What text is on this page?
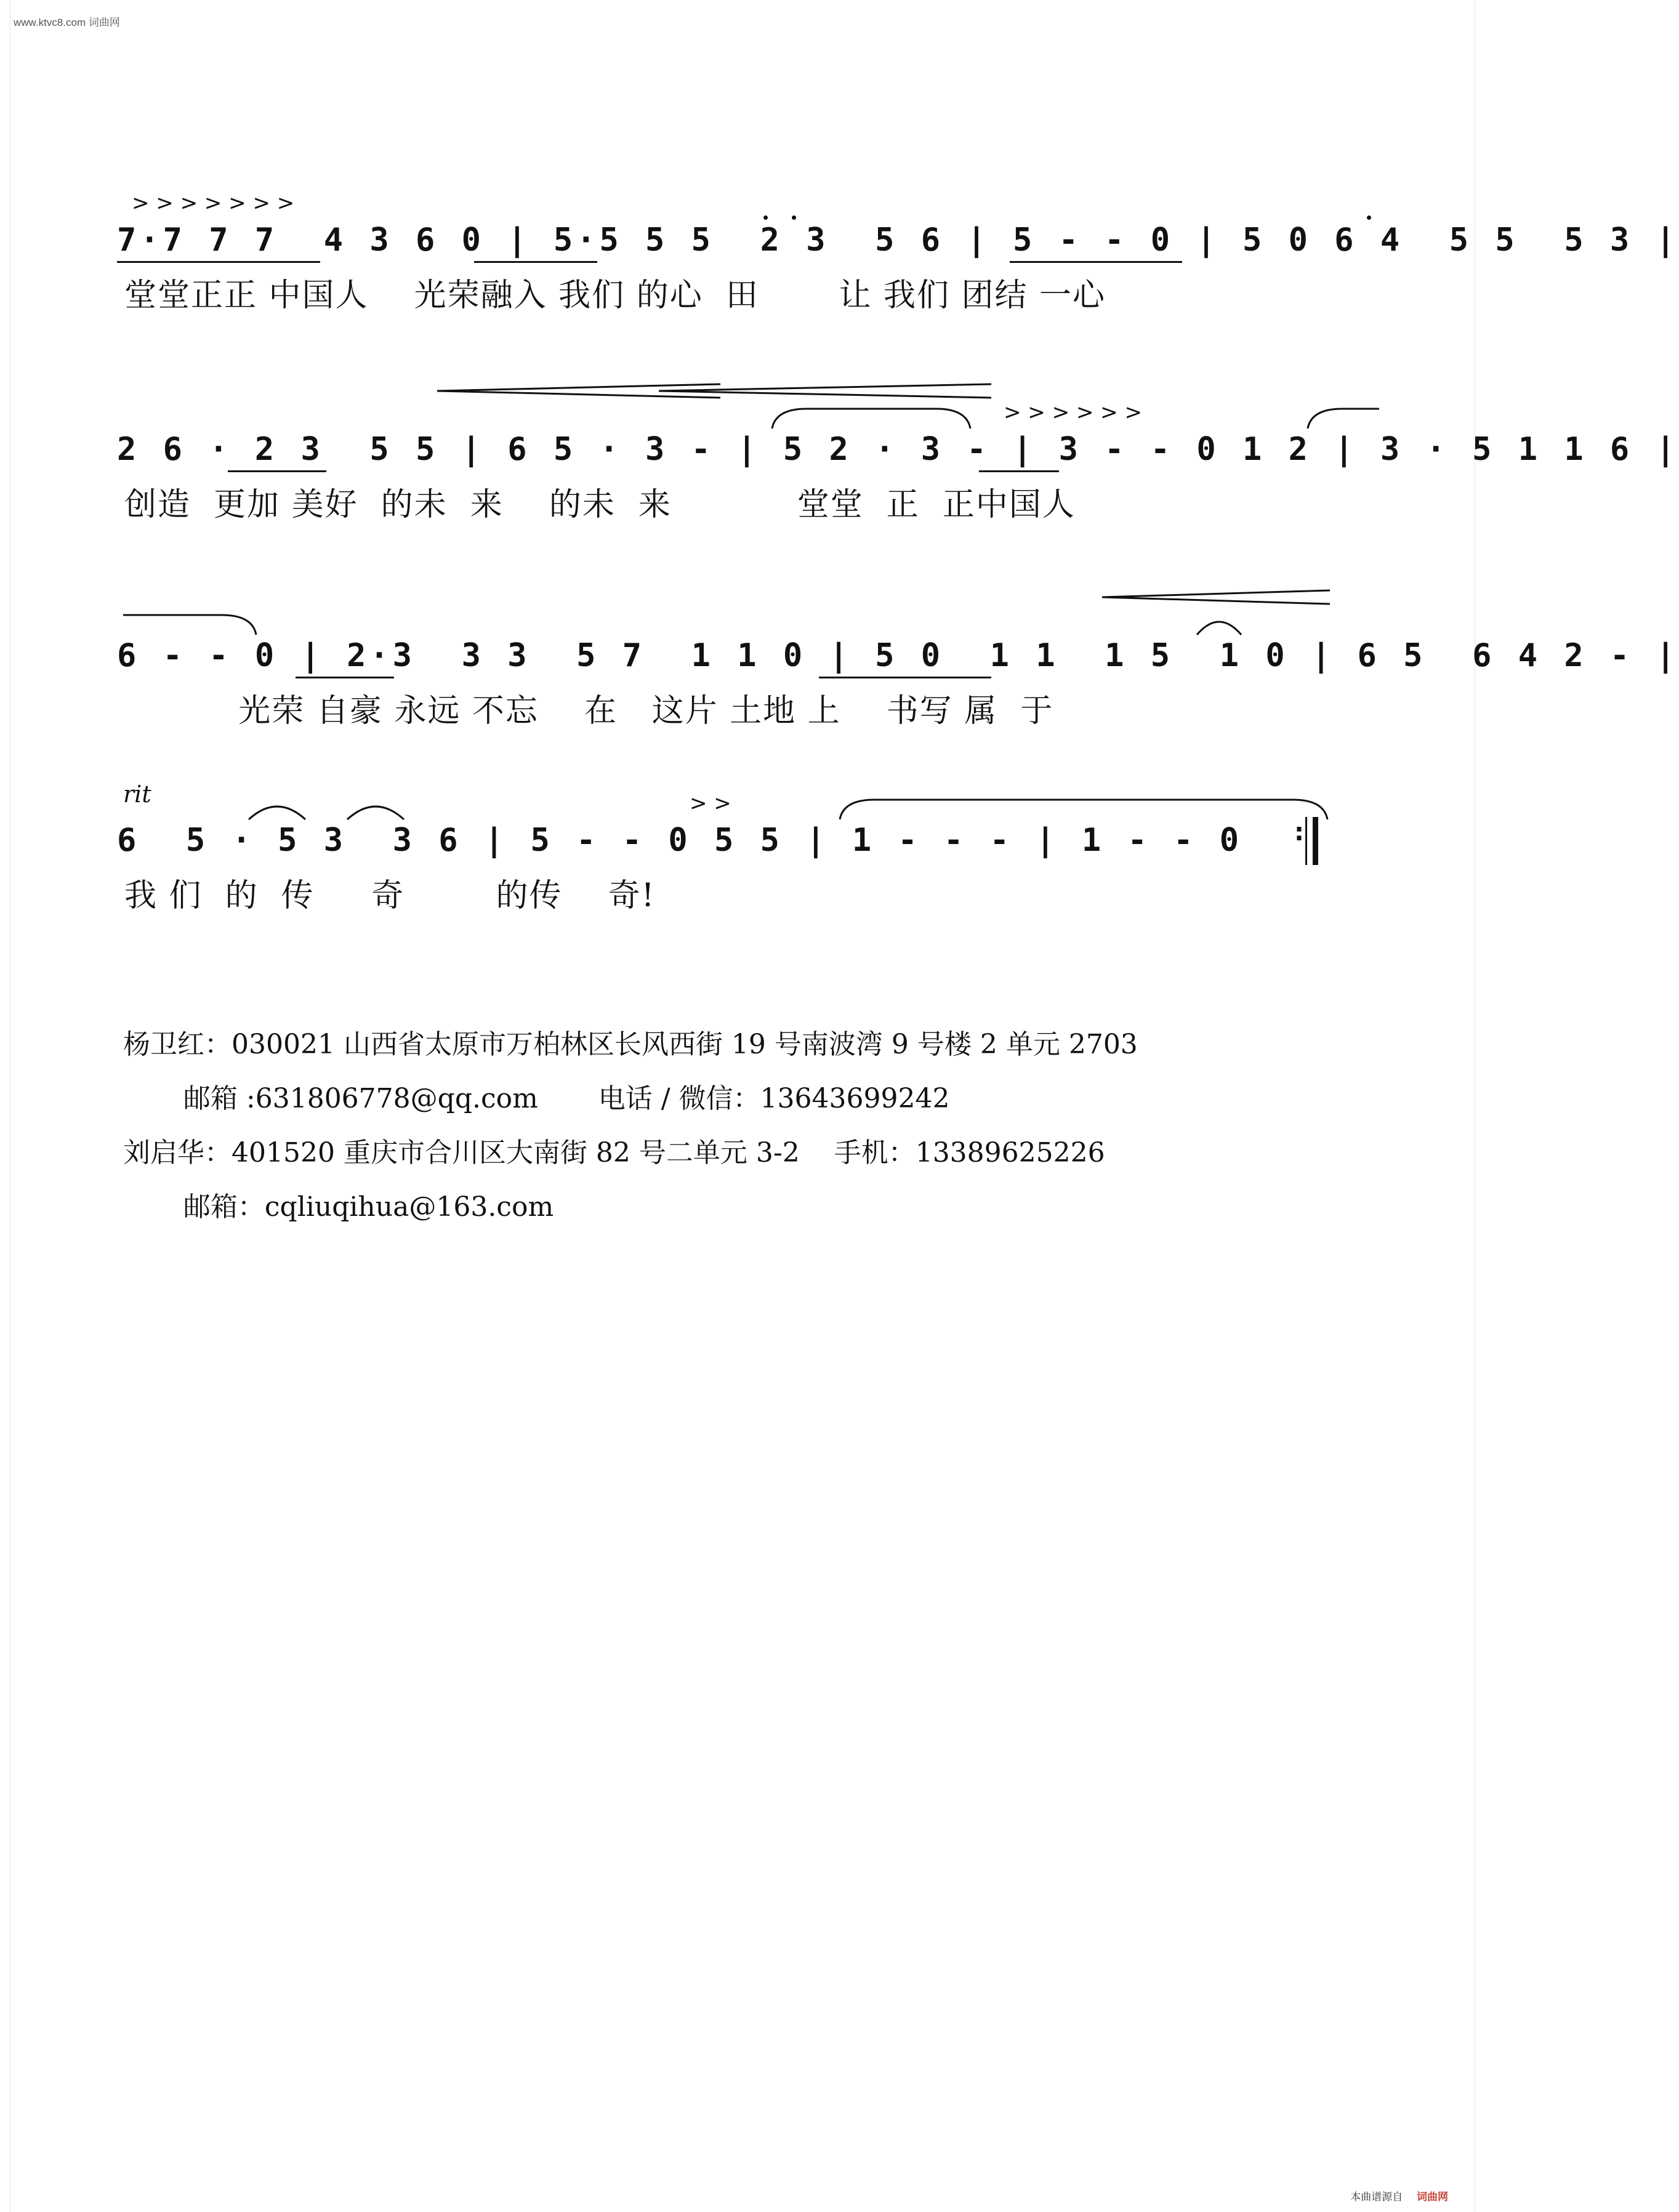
www.ktvc8.com 词曲网
7·7 7 7  4 3 6 0 | 5·5 5 5  2 3  5 6 | 5 - - 0 | 5 0 6 4  5 5  5 3 |
堂堂正正 中国人    光荣融入 我们 的心  田       让 我们 团结 一心
> > > > > > >
2 6 · 2 3  5 5 | 6 5 · 3 - | 5 2 · 3 - | 3 - - 0 1 2 | 3 · 5 1 1 6 |
创造  更加 美好  的未  来    的未  来           堂堂  正  正中国人
> > > > > >
6 - - 0 | 2·3  3 3  5 7  1 1 0 | 5 0  1 1  1 5  1 0 | 6 5  6 4 2 - |
光荣 自豪 永远 不忘    在   这片 土地 上    书写 属  于
rit
6  5 · 5 3  3 6 | 5 - - 0 5 5 | 1 - - - | 1 - - 0
我 们  的  传     奇        的传    奇!
> >
:
杨卫红：030021 山西省太原市万柏林区长风西街 19 号南波湾 9 号楼 2 单元 2703
邮箱 :631806778@qq.com       电话 / 微信：13643699242
刘启华：401520 重庆市合川区大南街 82 号二单元 3-2    手机：13389625226
邮箱：cqliuqihua@163.com
本曲谱源自 词曲网
